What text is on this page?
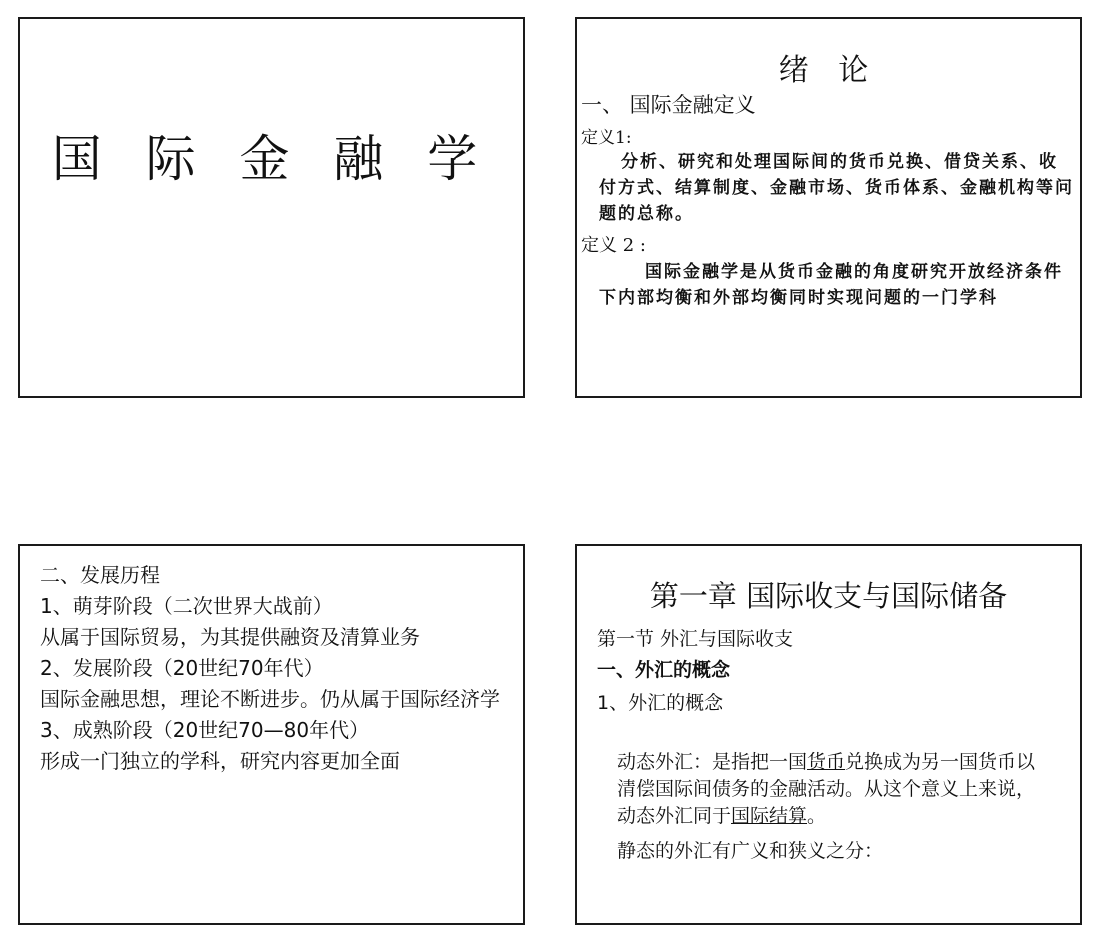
国 际 金 融 学
绪 论
一、 国际金融定义
定义1:
分析、研究和处理国际间的货币兑换、借贷关系、收付方式、结算制度、金融市场、货币体系、金融机构等问题的总称。
定义 2 :
国际金融学是从货币金融的角度研究开放经济条件下内部均衡和外部均衡同时实现问题的一门学科
二、发展历程
1、萌芽阶段（二次世界大战前）
从属于国际贸易，为其提供融资及清算业务
2、发展阶段（20世纪70年代）
国际金融思想，理论不断进步。仍从属于国际经济学
3、成熟阶段（20世纪70—80年代）
形成一门独立的学科，研究内容更加全面
第一章 国际收支与国际储备
第一节 外汇与国际收支
一、外汇的概念
1、外汇的概念
动态外汇：是指把一国货币兑换成为另一国货币以清偿国际间债务的金融活动。从这个意义上来说，动态外汇同于国际结算。
静态的外汇有广义和狭义之分：
